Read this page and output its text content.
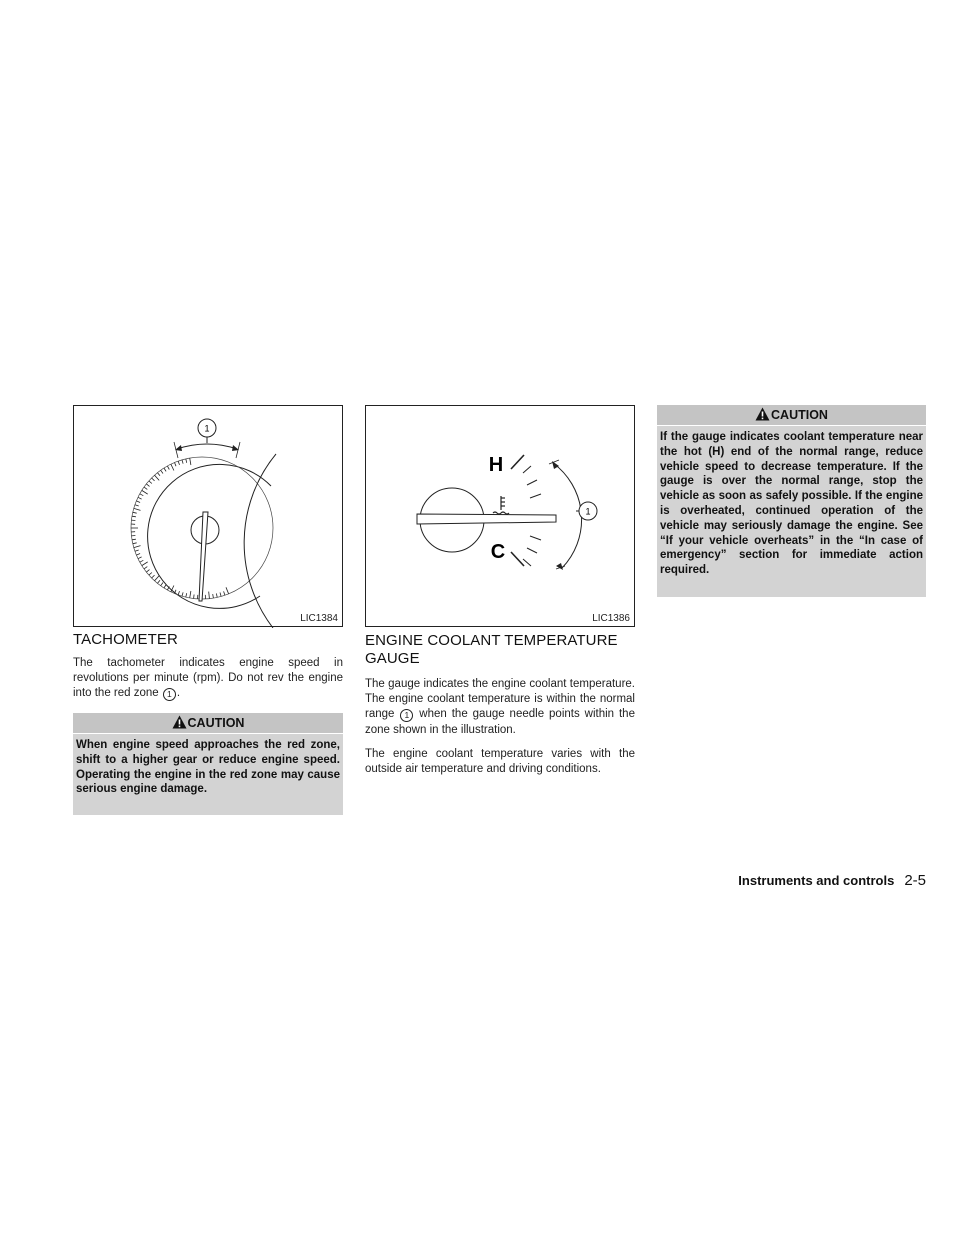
1
LIC1384
TACHOMETER

The tachometer indicates engine speed in revolutions per minute (rpm). Do not rev the engine into the red zone 1 .

CAUTION

When engine speed approaches the red zone, shift to a higher gear or reduce engine speed. Operating the engine in the red zone may cause serious engine damage.

H
C
1
LIC1386
ENGINE COOLANT TEMPERATURE GAUGE

The gauge indicates the engine coolant temperature. The engine coolant temperature is within the normal range 1 when the gauge needle points within the zone shown in the illustration.

The engine coolant temperature varies with the outside air temperature and driving conditions.

CAUTION

If the gauge indicates coolant temperature near the hot (H) end of the normal range, reduce vehicle speed to decrease temperature. If the gauge is over the normal range, stop the vehicle as soon as safely possible. If the engine is overheated, continued operation of the vehicle may seriously damage the engine. See “If your vehicle overheats” in the “In case of emergency” section for immediate action required.

Instruments and controls 2-5
